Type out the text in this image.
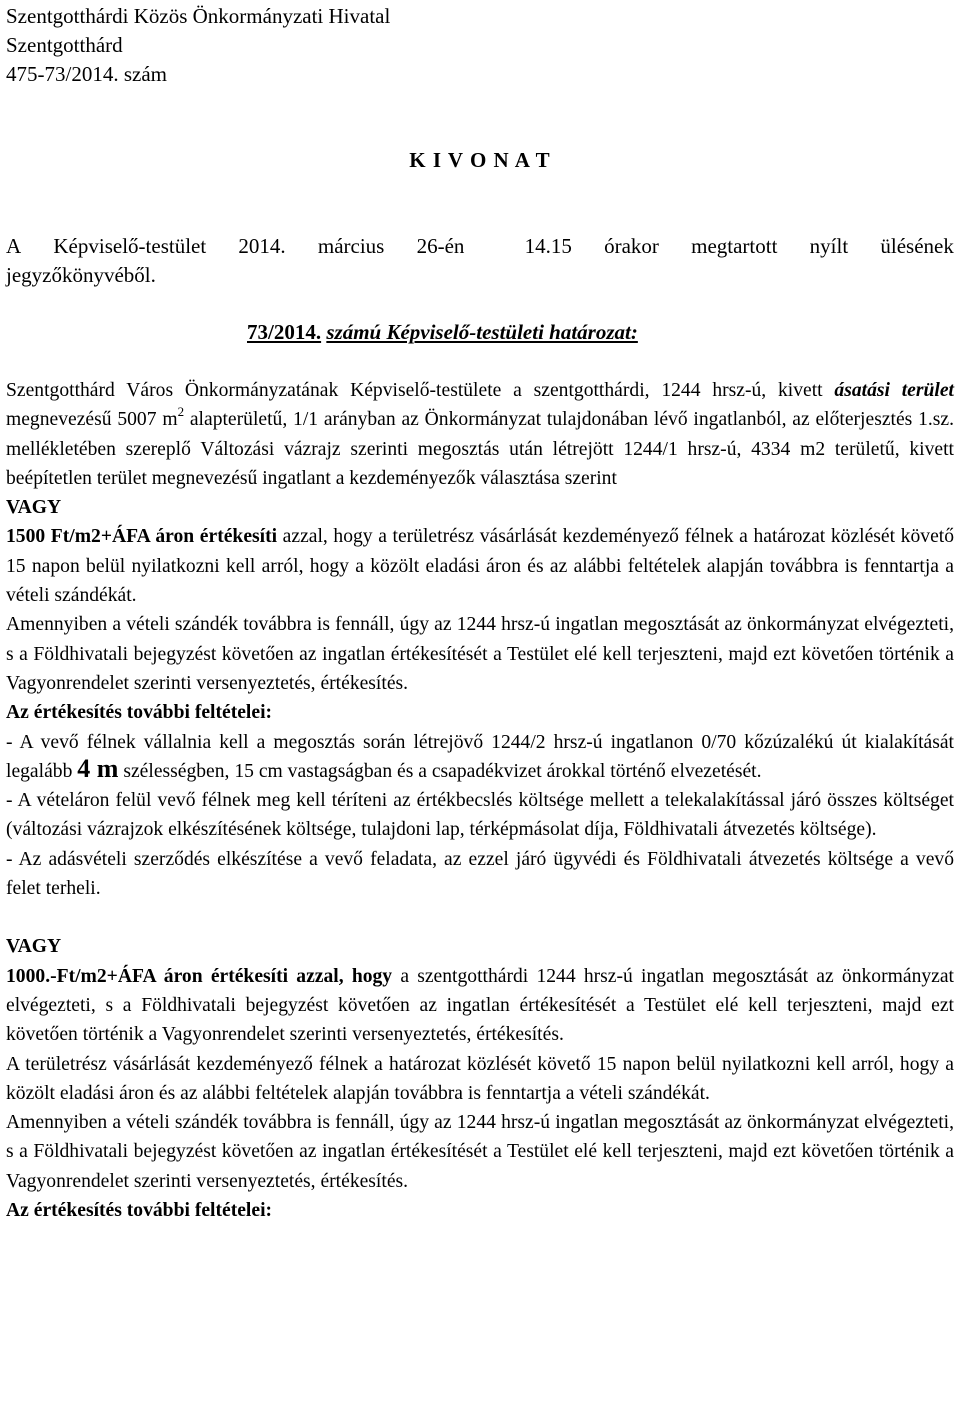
Szentgotthárdi Közös Önkormányzati Hivatal
Szentgotthárd
475-73/2014. szám
K I V O N A T
A Képviselő-testület 2014. március 26-én	14.15 órakor megtartott nyílt ülésének
jegyzőkönyvéből.
73/2014. számú Képviselő-testületi határozat:

Szentgotthárd Város Önkormányzatának Képviselő-testülete a szentgotthárdi, 1244 hrsz-ú, kivett ásatási terület megnevezésű 5007 $m^2$ alapterületű, 1/1 arányban az Önkormányzat tulajdonában lévő ingatlanból, az előterjesztés 1.sz. mellékletében szereplő Változási vázrajz szerinti megosztás után létrejött 1244/1 hrsz-ú, 4334 m2 területű, kivett beépítetlen terület megnevezésű ingatlant a kezdeményezők választása szerint

VAGY

1500 Ft/m2+ÁFA áron értékesíti azzal, hogy a területrész vásárlását kezdeményező félnek a határozat közlését követő 15 napon belül nyilatkozni kell arról, hogy a közölt eladási áron és az alábbi feltételek alapján továbbra is fenntartja a vételi szándékát.

Amennyiben a vételi szándék továbbra is fennáll, úgy az 1244 hrsz-ú ingatlan megosztását az önkormányzat elvégezteti, s a Földhivatali bejegyzést követően az ingatlan értékesítését a Testület elé kell terjeszteni, majd ezt követően történik a Vagyonrendelet szerinti versenyeztetés, értékesítés.

Az értékesítés további feltételei:

- A vevő félnek vállalnia kell a megosztás során létrejövő 1244/2 hrsz-ú ingatlanon 0/70 kőzúzalékú út kialakítását legalább 4 m szélességben, 15 cm vastagságban és a csapadékvizet árokkal történő elvezetését.

- A vételáron felül vevő félnek meg kell téríteni az értékbecslés költsége mellett a telekalakítással járó összes költséget (változási vázrajzok elkészítésének költsége, tulajdoni lap, térképmásolat díja, Földhivatali átvezetés költsége).

- Az adásvételi szerződés elkészítése a vevő feladata, az ezzel járó ügyvédi és Földhivatali átvezetés költsége a vevő felet terheli.

VAGY

1000.-Ft/m2+ÁFA áron értékesíti azzal, hogy a szentgotthárdi 1244 hrsz-ú ingatlan megosztását az önkormányzat elvégezteti, s a Földhivatali bejegyzést követően az ingatlan értékesítését a Testület elé kell terjeszteni, majd ezt követően történik a Vagyonrendelet szerinti versenyeztetés, értékesítés.

A területrész vásárlását kezdeményező félnek a határozat közlését követő 15 napon belül nyilatkozni kell arról, hogy a közölt eladási áron és az alábbi feltételek alapján továbbra is fenntartja a vételi szándékát.

Amennyiben a vételi szándék továbbra is fennáll, úgy az 1244 hrsz-ú ingatlan megosztását az önkormányzat elvégezteti, s a Földhivatali bejegyzést követően az ingatlan értékesítését a Testület elé kell terjeszteni, majd ezt követően történik a Vagyonrendelet szerinti versenyeztetés, értékesítés.

Az értékesítés további feltételei:
